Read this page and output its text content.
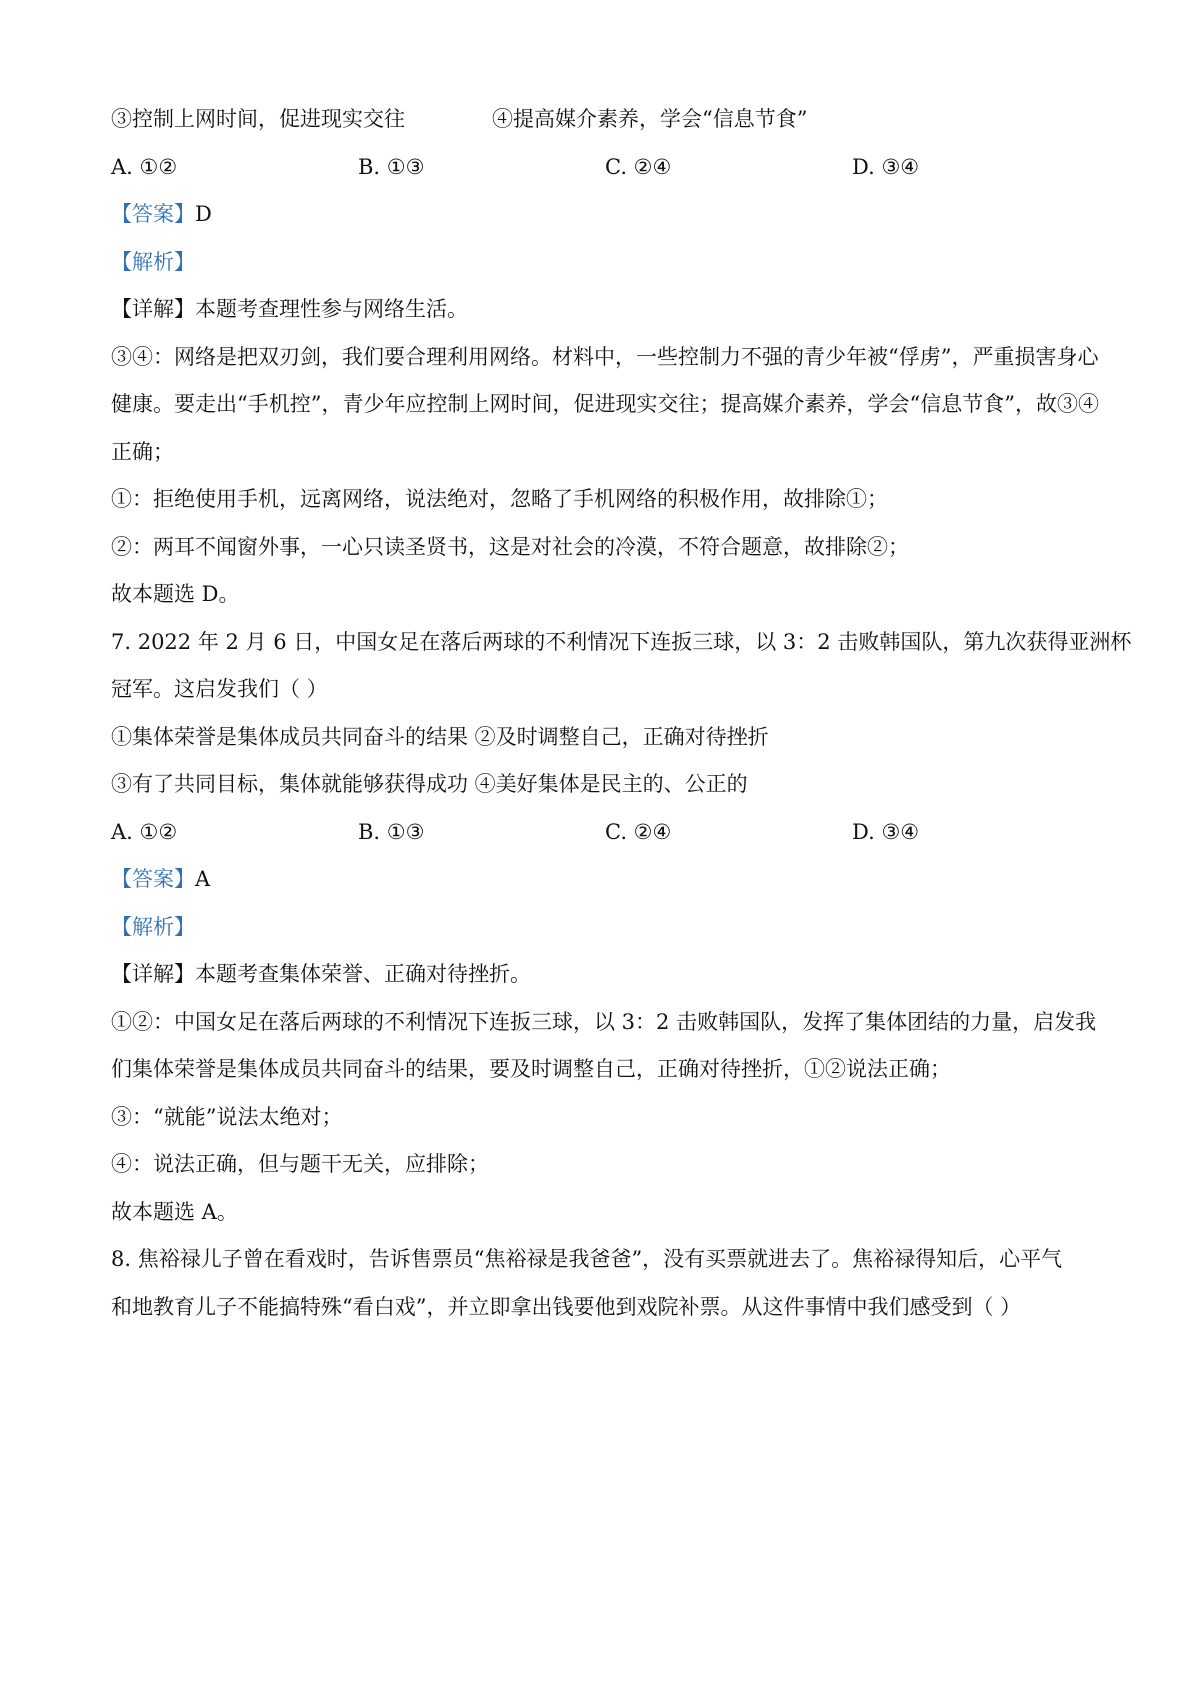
③控制上网时间，促进现实交往	④提高媒介素养，学会“信息节食”
A. ①②	B. ①③	C. ②④	D. ③④
【答案】D
【解析】
【详解】本题考查理性参与网络生活。
③④：网络是把双刃剑，我们要合理利用网络。材料中，一些控制力不强的青少年被“俘虏”，严重损害身心
健康。要走出“手机控”，青少年应控制上网时间，促进现实交往；提高媒介素养，学会“信息节食”，故③④
正确；
①：拒绝使用手机，远离网络，说法绝对，忽略了手机网络的积极作用，故排除①；
②：两耳不闻窗外事，一心只读圣贤书，这是对社会的冷漠，不符合题意，故排除②；
故本题选 D。
7. 2022 年 2 月 6 日，中国女足在落后两球的不利情况下连扳三球，以 3：2 击败韩国队，第九次获得亚洲杯
冠军。这启发我们（ ）
①集体荣誉是集体成员共同奋斗的结果 ②及时调整自己，正确对待挫折
③有了共同目标，集体就能够获得成功 ④美好集体是民主的、公正的
A. ①②	B. ①③	C. ②④	D. ③④
【答案】A
【解析】
【详解】本题考查集体荣誉、正确对待挫折。
①②：中国女足在落后两球的不利情况下连扳三球，以 3：2 击败韩国队，发挥了集体团结的力量，启发我
们集体荣誉是集体成员共同奋斗的结果，要及时调整自己，正确对待挫折，①②说法正确；
③：“就能”说法太绝对；
④：说法正确，但与题干无关，应排除；
故本题选 A。
8. 焦裕禄儿子曾在看戏时，告诉售票员“焦裕禄是我爸爸”，没有买票就进去了。焦裕禄得知后，心平气
和地教育儿子不能搞特殊“看白戏”，并立即拿出钱要他到戏院补票。从这件事情中我们感受到（ ）
